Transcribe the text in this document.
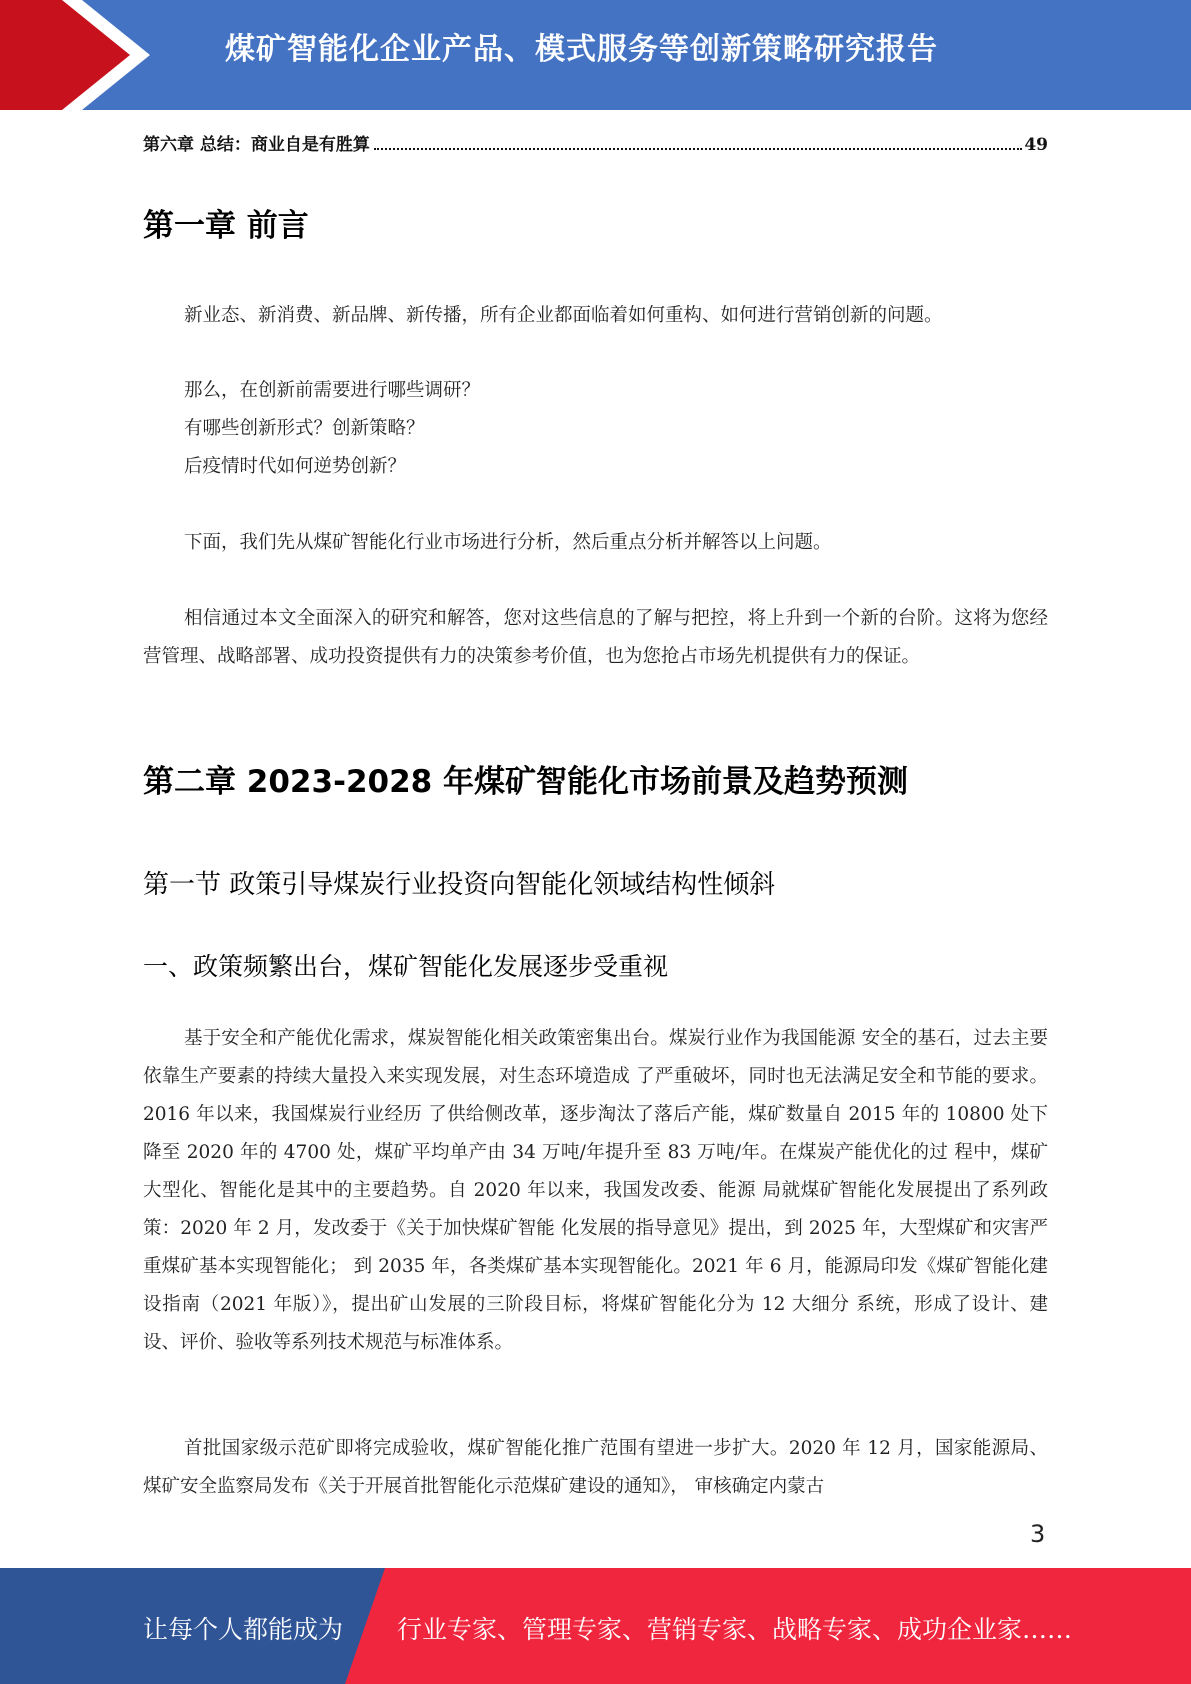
煤矿智能化企业产品、模式服务等创新策略研究报告
第六章 总结：商业自是有胜算	49
第一章 前言

新业态、新消费、新品牌、新传播，所有企业都面临着如何重构、如何进行营销创新的问题。

那么，在创新前需要进行哪些调研？
有哪些创新形式？创新策略？
后疫情时代如何逆势创新？

下面，我们先从煤矿智能化行业市场进行分析，然后重点分析并解答以上问题。

相信通过本文全面深入的研究和解答，您对这些信息的了解与把控，将上升到一个新的台阶。这将为您经营管理、战略部署、成功投资提供有力的决策参考价值，也为您抢占市场先机提供有力的保证。

第二章 2023-2028 年煤矿智能化市场前景及趋势预测
第一节 政策引导煤炭行业投资向智能化领域结构性倾斜
一、政策频繁出台，煤矿智能化发展逐步受重视

基于安全和产能优化需求，煤炭智能化相关政策密集出台。煤炭行业作为我国能源 安全的基石，过去主要依靠生产要素的持续大量投入来实现发展，对生态环境造成 了严重破坏，同时也无法满足安全和节能的要求。2016 年以来，我国煤炭行业经历 了供给侧改革，逐步淘汰了落后产能，煤矿数量自 2015 年的 10800 处下降至 2020 年的 4700 处，煤矿平均单产由 34 万吨/年提升至 83 万吨/年。在煤炭产能优化的过 程中，煤矿大型化、智能化是其中的主要趋势。自 2020 年以来，我国发改委、能源 局就煤矿智能化发展提出了系列政策：2020 年 2 月，发改委于《关于加快煤矿智能 化发展的指导意见》提出，到 2025 年，大型煤矿和灾害严重煤矿基本实现智能化； 到 2035 年，各类煤矿基本实现智能化。2021 年 6 月，能源局印发《煤矿智能化建 设指南（2021 年版）》，提出矿山发展的三阶段目标，将煤矿智能化分为 12 大细分 系统，形成了设计、建设、评价、验收等系列技术规范与标准体系。

首批国家级示范矿即将完成验收，煤矿智能化推广范围有望进一步扩大。2020 年 12 月，国家能源局、煤矿安全监察局发布《关于开展首批智能化示范煤矿建设的通知》， 审核确定内蒙古

3
让每个人都能成为 行业专家、管理专家、营销专家、战略专家、成功企业家……
